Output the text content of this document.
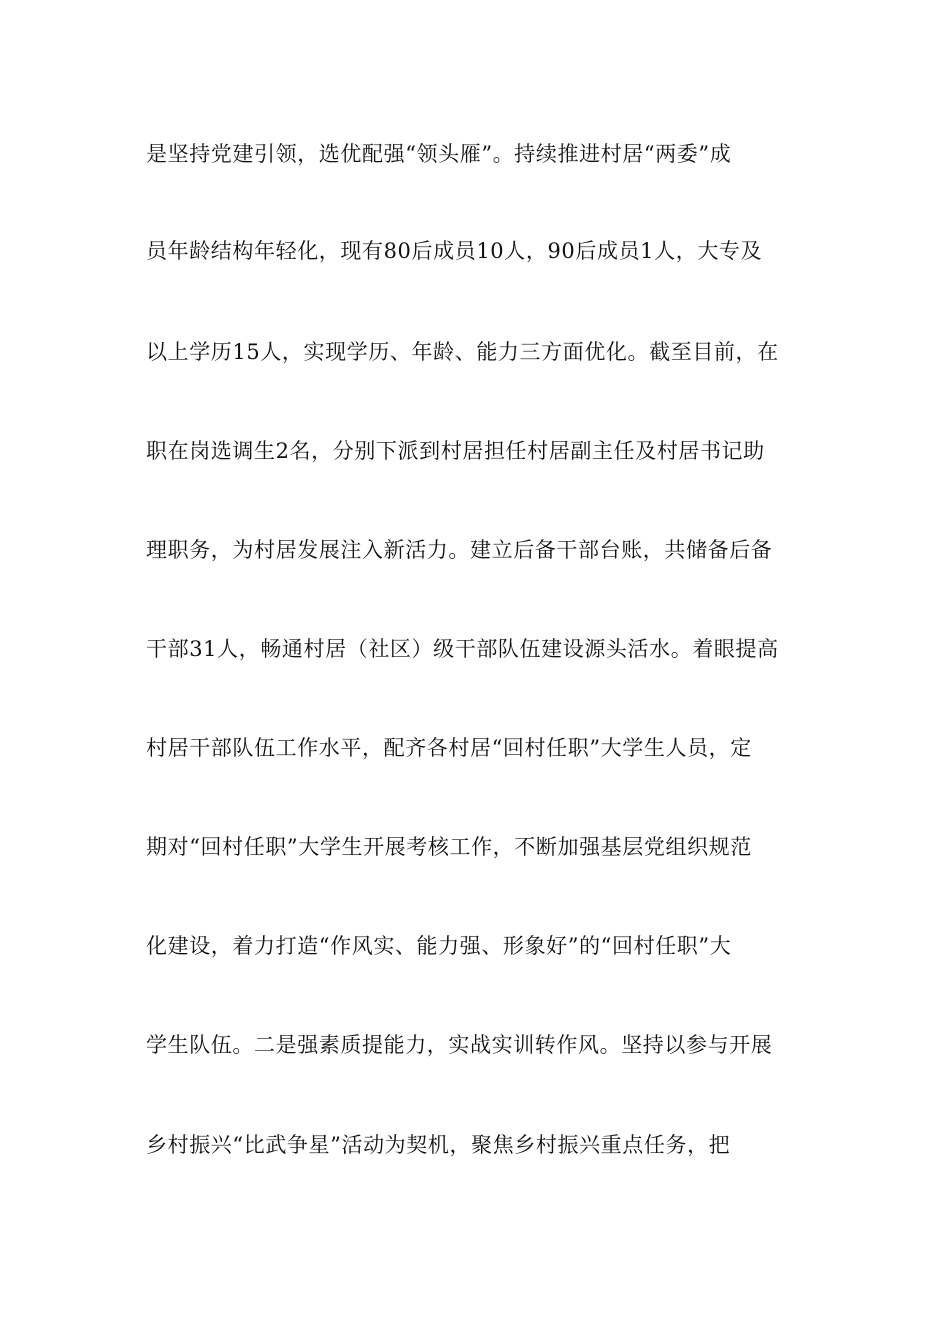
是坚持党建引领，选优配强“领头雁”。持续推进村居“两委”成
员年龄结构年轻化，现有80后成员10人，90后成员1人，大专及
以上学历15人，实现学历、年龄、能力三方面优化。截至目前，在
职在岗选调生2名，分别下派到村居担任村居副主任及村居书记助
理职务，为村居发展注入新活力。建立后备干部台账，共储备后备
干部31人，畅通村居（社区）级干部队伍建设源头活水。着眼提高
村居干部队伍工作水平，配齐各村居“回村任职”大学生人员，定
期对“回村任职”大学生开展考核工作，不断加强基层党组织规范
化建设，着力打造“作风实、能力强、形象好”的“回村任职”大
学生队伍。二是强素质提能力，实战实训转作风。坚持以参与开展
乡村振兴“比武争星”活动为契机，聚焦乡村振兴重点任务，把
